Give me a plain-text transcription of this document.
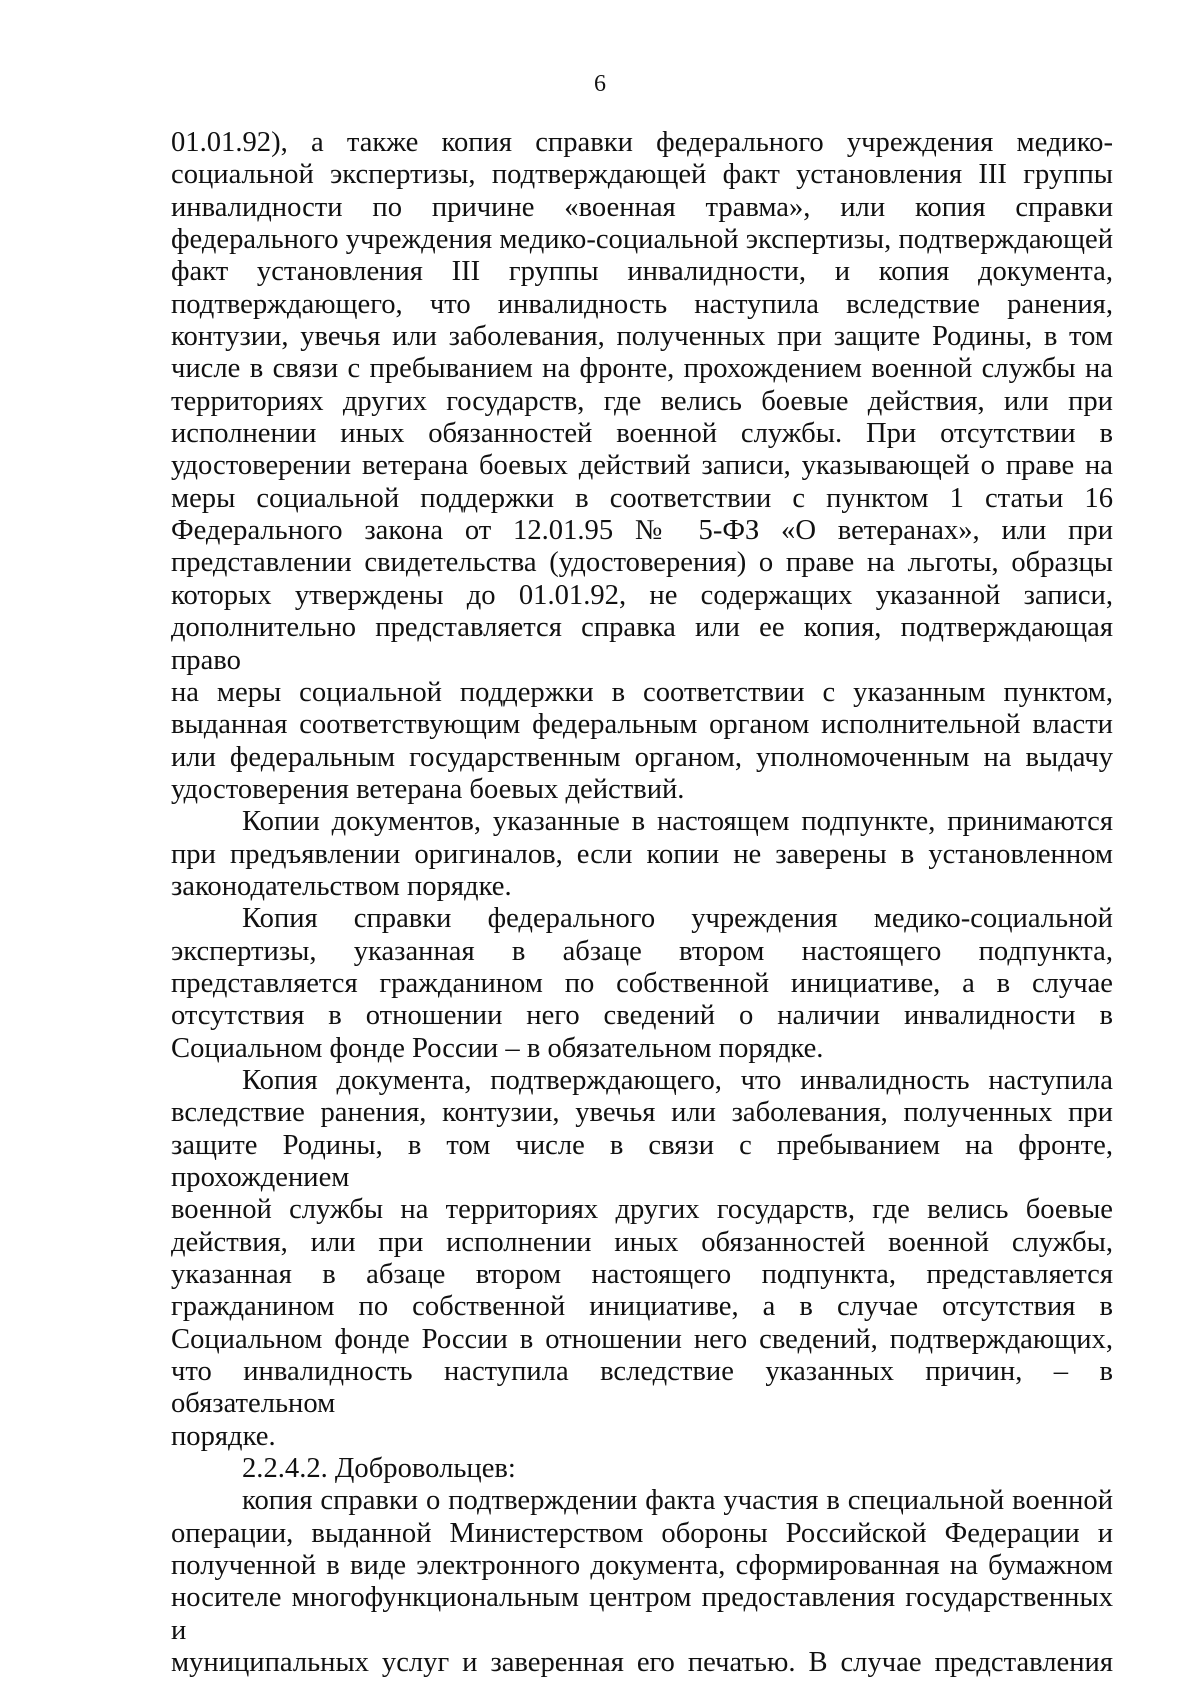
6

01.01.92), а также копия справки федерального учреждения медико-

социальной экспертизы, подтверждающей факт установления III группы

инвалидности по причине «военная травма», или копия справки

федерального учреждения медико-социальной экспертизы, подтверждающей

факт установления III группы инвалидности, и копия документа,

подтверждающего, что инвалидность наступила вследствие ранения,

контузии, увечья или заболевания, полученных при защите Родины, в том

числе в связи с пребыванием на фронте, прохождением военной службы на

территориях других государств, где велись боевые действия, или при

исполнении иных обязанностей военной службы. При отсутствии в

удостоверении ветерана боевых действий записи, указывающей о праве на

меры социальной поддержки в соответствии с пунктом 1 статьи 16

Федерального закона от 12.01.95 № 5-ФЗ «О ветеранах», или при

представлении свидетельства (удостоверения) о праве на льготы, образцы

которых утверждены до 01.01.92, не содержащих указанной записи,

дополнительно представляется справка или ее копия, подтверждающая право

на меры социальной поддержки в соответствии с указанным пунктом,

выданная соответствующим федеральным органом исполнительной власти

или федеральным государственным органом, уполномоченным на выдачу

удостоверения ветерана боевых действий.

Копии документов, указанные в настоящем подпункте, принимаются

при предъявлении оригиналов, если копии не заверены в установленном

законодательством порядке.

Копия справки федерального учреждения медико-социальной

экспертизы, указанная в абзаце втором настоящего подпункта,

представляется гражданином по собственной инициативе, а в случае

отсутствия в отношении него сведений о наличии инвалидности в

Социальном фонде России – в обязательном порядке.

Копия документа, подтверждающего, что инвалидность наступила

вследствие ранения, контузии, увечья или заболевания, полученных при

защите Родины, в том числе в связи с пребыванием на фронте, прохождением

военной службы на территориях других государств, где велись боевые

действия, или при исполнении иных обязанностей военной службы,

указанная в абзаце втором настоящего подпункта, представляется

гражданином по собственной инициативе, а в случае отсутствия в

Социальном фонде России в отношении него сведений, подтверждающих,

что инвалидность наступила вследствие указанных причин, – в обязательном

порядке.

2.2.4.2. Добровольцев:

копия справки о подтверждении факта участия в специальной военной

операции, выданной Министерством обороны Российской Федерации и

полученной в виде электронного документа, сформированная на бумажном

носителе многофункциональным центром предоставления государственных и

муниципальных услуг и заверенная его печатью. В случае представления
